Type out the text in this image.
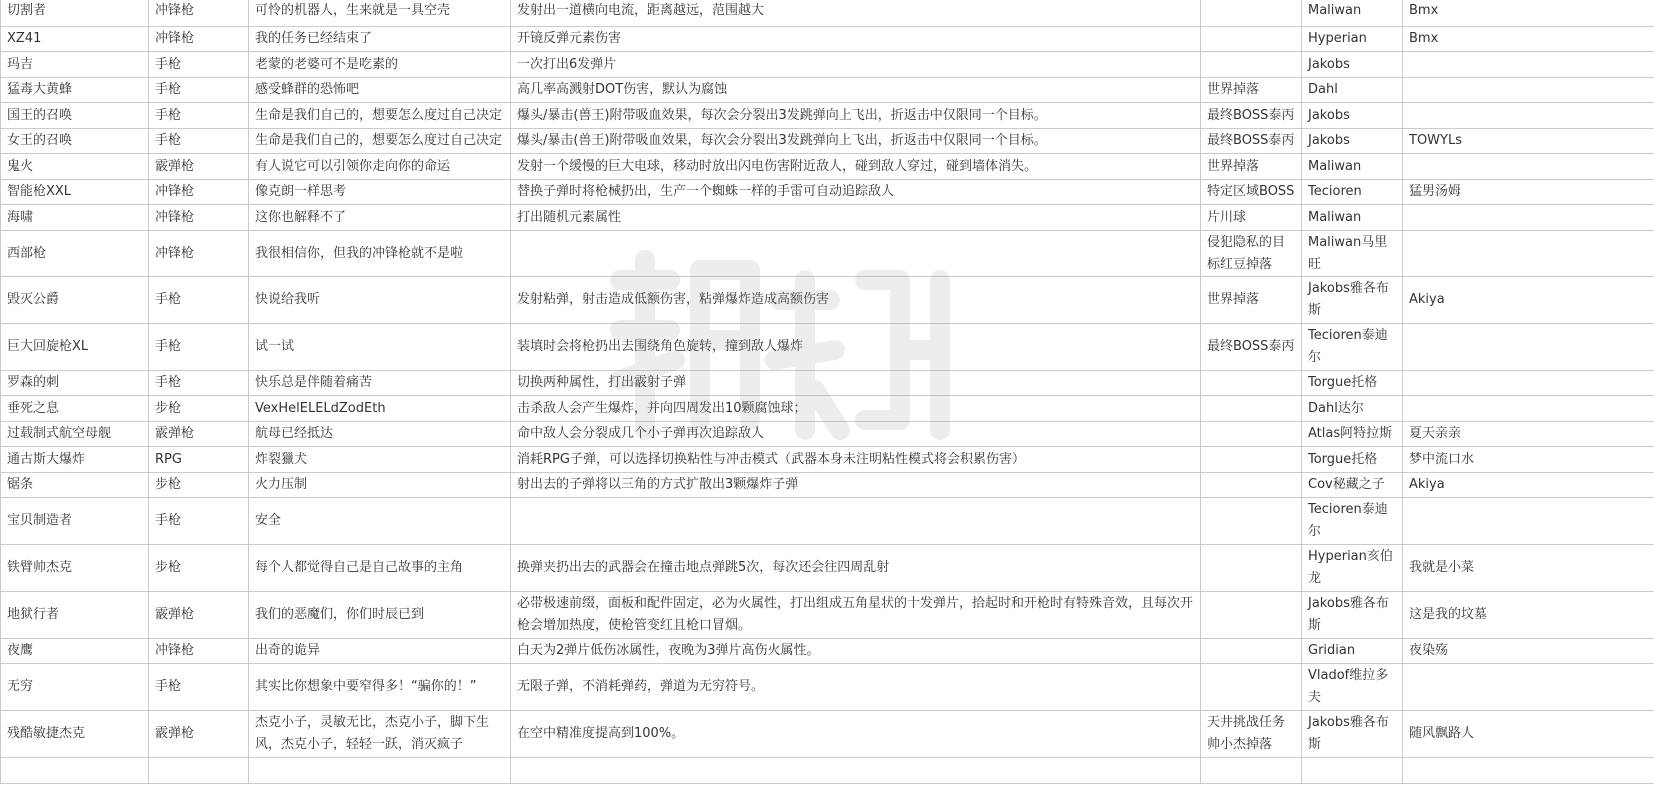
切割者	冲锋枪	可怜的机器人，生来就是一具空壳	发射出一道横向电流，距离越远，范围越大		Maliwan	Bmx
XZ41	冲锋枪	我的任务已经结束了	开镜反弹元素伤害		Hyperian	Bmx
玛吉	手枪	老蒙的老婆可不是吃素的	一次打出6发弹片		Jakobs	
猛毒大黄蜂	手枪	感受蜂群的恐怖吧	高几率高溅射DOT伤害，默认为腐蚀	世界掉落	Dahl	
国王的召唤	手枪	生命是我们自己的，想要怎么度过自己决定	爆头/暴击(兽王)附带吸血效果，每次会分裂出3发跳弹向上飞出，折返击中仅限同一个目标。	最终BOSS泰丙	Jakobs	
女王的召唤	手枪	生命是我们自己的，想要怎么度过自己决定	爆头/暴击(兽王)附带吸血效果，每次会分裂出3发跳弹向上飞出，折返击中仅限同一个目标。	最终BOSS泰丙	Jakobs	TOWYLs
鬼火	霰弹枪	有人说它可以引领你走向你的命运	发射一个缓慢的巨大电球，移动时放出闪电伤害附近敌人，碰到敌人穿过，碰到墙体消失。	世界掉落	Maliwan	
智能枪XXL	冲锋枪	像克朗一样思考	替换子弹时将枪械扔出，生产一个蜘蛛一样的手雷可自动追踪敌人	特定区域BOSS	Tecioren	猛男汤姆
海啸	冲锋枪	这你也解释不了	打出随机元素属性	片川球	Maliwan	
西部枪	冲锋枪	我很相信你，但我的冲锋枪就不是啦		侵犯隐私的目标红豆掉落	Maliwan马里旺	
毁灭公爵	手枪	快说给我听	发射粘弹，射击造成低额伤害，粘弹爆炸造成高额伤害	世界掉落	Jakobs雅各布斯	Akiya
巨大回旋枪XL	手枪	试一试	装填时会将枪扔出去围绕角色旋转，撞到敌人爆炸	最终BOSS泰丙	Tecioren泰迪尔	
罗森的刺	手枪	快乐总是伴随着痛苦	切换两种属性，打出霰射子弹		Torgue托格	
垂死之息	步枪	VexHelELELdZodEth	击杀敌人会产生爆炸，并向四周发出10颗腐蚀球；		Dahl达尔	
过载制式航空母舰	霰弹枪	航母已经抵达	命中敌人会分裂成几个小子弹再次追踪敌人		Atlas阿特拉斯	夏天亲亲
通古斯大爆炸	RPG	炸裂獵犬	消耗RPG子弹，可以选择切换粘性与冲击模式（武器本身未注明粘性模式将会积累伤害）		Torgue托格	梦中流口水
锯条	步枪	火力压制	射出去的子弹将以三角的方式扩散出3颗爆炸子弹		Cov秘藏之子	Akiya
宝贝制造者	手枪	安全			Tecioren泰迪尔	
铁臂帅杰克	步枪	每个人都觉得自己是自己故事的主角	换弹夹扔出去的武器会在撞击地点弹跳5次，每次还会往四周乱射		Hyperian亥伯龙	我就是小菜
地狱行者	霰弹枪	我们的恶魔们，你们时辰已到	必带极速前缀，面板和配件固定，必为火属性，打出组成五角星状的十发弹片，拾起时和开枪时有特殊音效，且每次开枪会增加热度，使枪管变红且枪口冒烟。		Jakobs雅各布斯	这是我的坟墓
夜鹰	冲锋枪	出奇的诡异	白天为2弹片低伤冰属性，夜晚为3弹片高伤火属性。		Gridian	夜染殇
无穷	手枪	其实比你想象中要窄得多！“骗你的！”	无限子弹，不消耗弹药，弹道为无穷符号。		Vladof维拉多夫	
残酷敏捷杰克	霰弹枪	杰克小子，灵敏无比，杰克小子，脚下生风，杰克小子，轻轻一跃，消灭疯子	在空中精准度提高到100%。	天井挑战任务帅小杰掉落	Jakobs雅各布斯	随风飘路人
